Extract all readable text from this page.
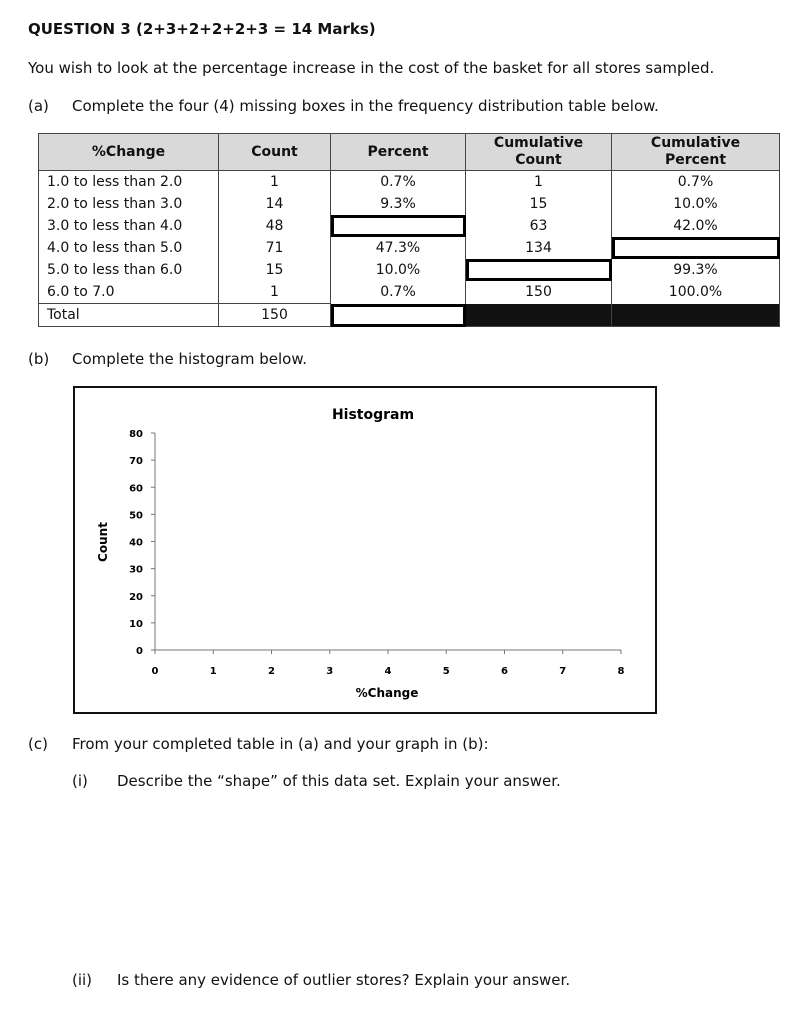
QUESTION 3 (2+3+2+2+2+3 = 14 Marks)
You wish to look at the percentage increase in the cost of the basket for all stores sampled.
(a) Complete the four (4) missing boxes in the frequency distribution table below.
%Change	Count	Percent	Cumulative Count	Cumulative Percent
1.0 to less than 2.0	1	0.7%	1	0.7%
2.0 to less than 3.0	14	9.3%	15	10.0%
3.0 to less than 4.0	48		63	42.0%
4.0 to less than 5.0	71	47.3%	134	
5.0 to less than 6.0	15	10.0%		99.3%
6.0 to 7.0	1	0.7%	150	100.0%
Total	150			
(b) Complete the histogram below.
Histogram
0
10
20
30
40
50
60
70
80
0	1	2	3	4	5	6	7	8
%Change
Count
(c) From your completed table in (a) and your graph in (b):
(i) Describe the “shape” of this data set. Explain your answer.
(ii) Is there any evidence of outlier stores? Explain your answer.
